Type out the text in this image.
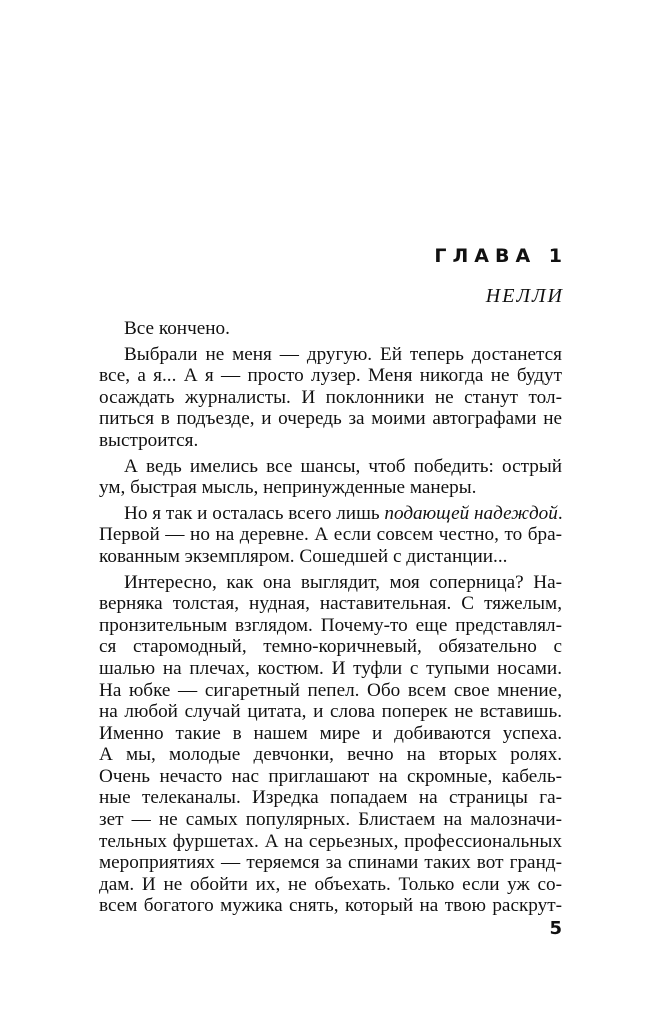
ГЛАВА 1
НЕЛЛИ
Все кончено.
Выбрали не меня — другую. Ей теперь достанется
все, а я... А я — просто лузер. Меня никогда не будут
осаждать журналисты. И поклонники не станут тол-
питься в подъезде, и очередь за моими автографами не
выстроится.
А ведь имелись все шансы, чтоб победить: острый
ум, быстрая мысль, непринужденные манеры.
Но я так и осталась всего лишь подающей надеждой.
Первой — но на деревне. А если совсем честно, то бра-
кованным экземпляром. Сошедшей с дистанции...
Интересно, как она выглядит, моя соперница? На-
верняка толстая, нудная, наставительная. С тяжелым,
пронзительным взглядом. Почему-то еще представлял-
ся старомодный, темно-коричневый, обязательно с
шалью на плечах, костюм. И туфли с тупыми носами.
На юбке — сигаретный пепел. Обо всем свое мнение,
на любой случай цитата, и слова поперек не вставишь.
Именно такие в нашем мире и добиваются успеха.
А мы, молодые девчонки, вечно на вторых ролях.
Очень нечасто нас приглашают на скромные, кабель-
ные телеканалы. Изредка попадаем на страницы га-
зет — не самых популярных. Блистаем на малозначи-
тельных фуршетах. А на серьезных, профессиональных
мероприятиях — теряемся за спинами таких вот гранд-
дам. И не обойти их, не объехать. Только если уж со-
всем богатого мужика снять, который на твою раскрут-
5
